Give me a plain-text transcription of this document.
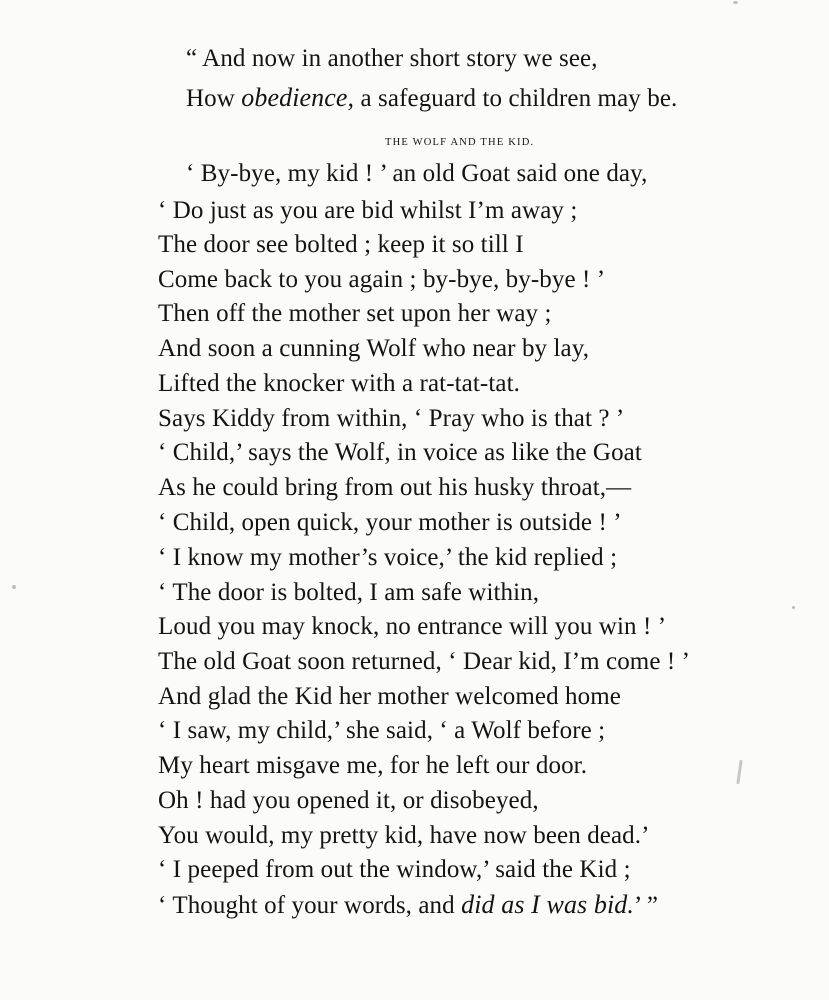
“ And now in another short story we see,
How obedience, a safeguard to children may be.
THE WOLF AND THE KID.
‘ By-bye, my kid ! ’ an old Goat said one day,
‘ Do just as you are bid whilst I’m away ;
The door see bolted ; keep it so till I
Come back to you again ; by-bye, by-bye ! ’
Then off the mother set upon her way ;
And soon a cunning Wolf who near by lay,
Lifted the knocker with a rat-tat-tat.
Says Kiddy from within, ‘ Pray who is that ? ’
‘ Child,’ says the Wolf, in voice as like the Goat
As he could bring from out his husky throat,—
‘ Child, open quick, your mother is outside ! ’
‘ I know my mother’s voice,’ the kid replied ;
‘ The door is bolted, I am safe within,
Loud you may knock, no entrance will you win ! ’
The old Goat soon returned, ‘ Dear kid, I’m come ! ’
And glad the Kid her mother welcomed home
‘ I saw, my child,’ she said, ‘ a Wolf before ;
My heart misgave me, for he left our door.
Oh ! had you opened it, or disobeyed,
You would, my pretty kid, have now been dead.’
‘ I peeped from out the window,’ said the Kid ;
‘ Thought of your words, and did as I was bid.’ ”
